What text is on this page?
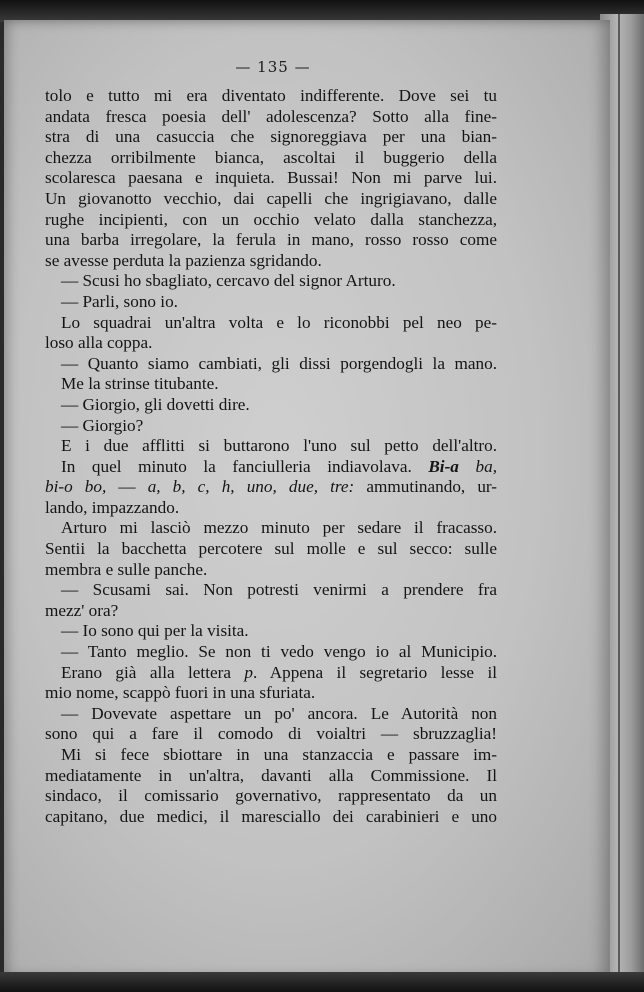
— 135 —
tolo e tutto mi era diventato indifferente. Dove sei tu
andata fresca poesia dell' adolescenza? Sotto alla fine-
stra di una casuccia che signoreggiava per una bian-
chezza orribilmente bianca, ascoltai il buggerio della
scolaresca paesana e inquieta. Bussai! Non mi parve lui.
Un giovanotto vecchio, dai capelli che ingrigiavano, dalle
rughe incipienti, con un occhio velato dalla stanchezza,
una barba irregolare, la ferula in mano, rosso rosso come
se avesse perduta la pazienza sgridando.
— Scusi ho sbagliato, cercavo del signor Arturo.
— Parli, sono io.
Lo squadrai un'altra volta e lo riconobbi pel neo pe-
loso alla coppa.
— Quanto siamo cambiati, gli dissi porgendogli la mano.
Me la strinse titubante.
— Giorgio, gli dovetti dire.
— Giorgio?
E i due afflitti si buttarono l'uno sul petto dell'altro.
In quel minuto la fanciulleria indiavolava. Bi-a ba,
bi-o bo, — a, b, c, h, uno, due, tre: ammutinando, ur-
lando, impazzando.
Arturo mi lasciò mezzo minuto per sedare il fracasso.
Sentii la bacchetta percotere sul molle e sul secco: sulle
membra e sulle panche.
— Scusami sai. Non potresti venirmi a prendere fra
mezz' ora?
— Io sono qui per la visita.
— Tanto meglio. Se non ti vedo vengo io al Municipio.
Erano già alla lettera p. Appena il segretario lesse il
mio nome, scappò fuori in una sfuriata.
— Dovevate aspettare un po' ancora. Le Autorità non
sono qui a fare il comodo di voialtri — sbruzzaglia!
Mi si fece sbiottare in una stanzaccia e passare im-
mediatamente in un'altra, davanti alla Commissione. Il
sindaco, il comissario governativo, rappresentato da un
capitano, due medici, il maresciallo dei carabinieri e uno
